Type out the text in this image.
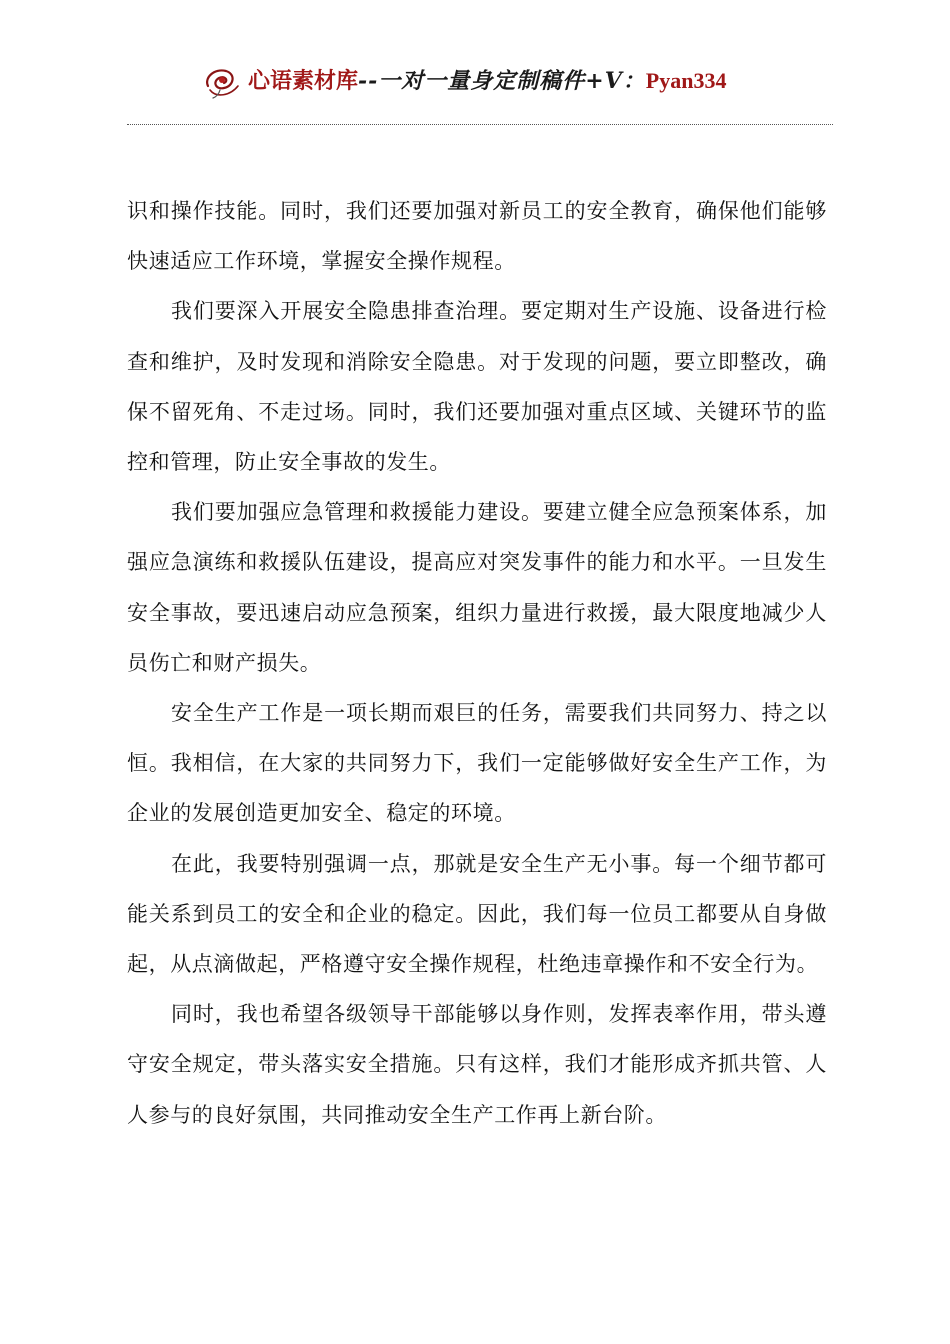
心语素材库--一对一量身定制稿件+V：Pyan334

识和操作技能。同时，我们还要加强对新员工的安全教育，确保他们能够快速适应工作环境，掌握安全操作规程。

我们要深入开展安全隐患排查治理。要定期对生产设施、设备进行检查和维护，及时发现和消除安全隐患。对于发现的问题，要立即整改，确保不留死角、不走过场。同时，我们还要加强对重点区域、关键环节的监控和管理，防止安全事故的发生。

我们要加强应急管理和救援能力建设。要建立健全应急预案体系，加强应急演练和救援队伍建设，提高应对突发事件的能力和水平。一旦发生安全事故，要迅速启动应急预案，组织力量进行救援，最大限度地减少人员伤亡和财产损失。

安全生产工作是一项长期而艰巨的任务，需要我们共同努力、持之以恒。我相信，在大家的共同努力下，我们一定能够做好安全生产工作，为企业的发展创造更加安全、稳定的环境。

在此，我要特别强调一点，那就是安全生产无小事。每一个细节都可能关系到员工的安全和企业的稳定。因此，我们每一位员工都要从自身做起，从点滴做起，严格遵守安全操作规程，杜绝违章操作和不安全行为。

同时，我也希望各级领导干部能够以身作则，发挥表率作用，带头遵守安全规定，带头落实安全措施。只有这样，我们才能形成齐抓共管、人人参与的良好氛围，共同推动安全生产工作再上新台阶。
